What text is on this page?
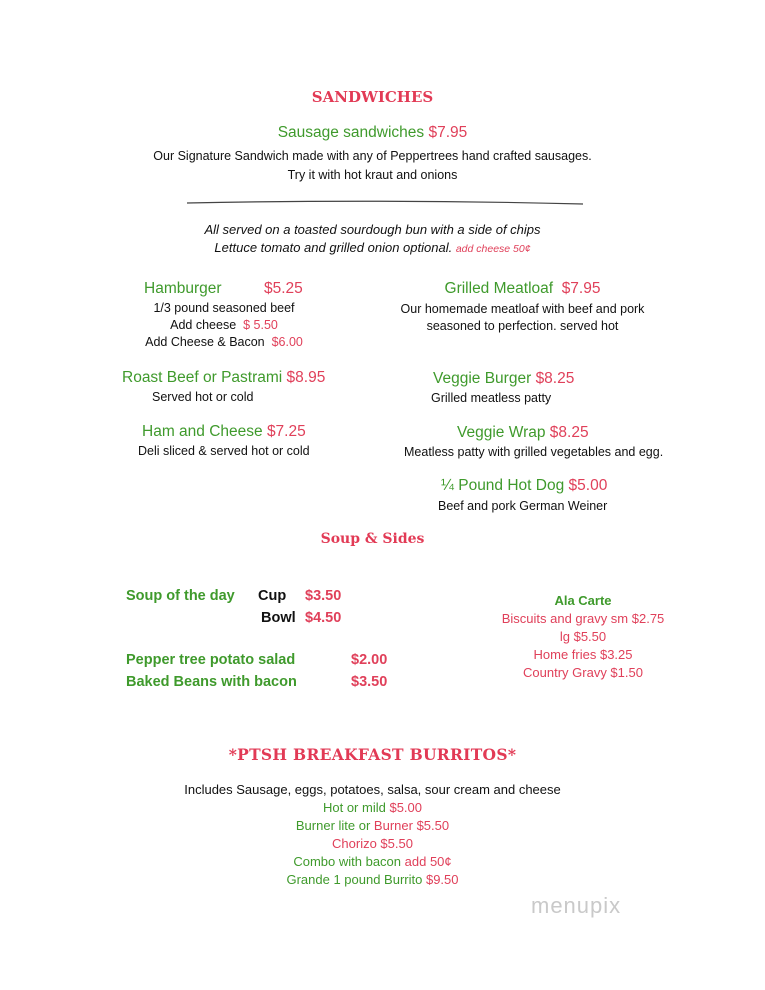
SANDWICHES
Sausage sandwiches $7.95
Our Signature Sandwich made with any of Peppertrees hand crafted sausages.
Try it with hot kraut and onions
All served on a toasted sourdough bun with a side of chips
Lettuce tomato and grilled onion optional. add cheese 50¢
Hamburger	$5.25
1/3 pound seasoned beef
Add cheese $ 5.50
Add Cheese & Bacon $6.00
Roast Beef or Pastrami $8.95
Served hot or cold
Ham and Cheese $7.25
Deli sliced & served hot or cold
Grilled Meatloaf $7.95
Our homemade meatloaf with beef and pork
seasoned to perfection. served hot
Veggie Burger $8.25
Grilled meatless patty
Veggie Wrap $8.25
Meatless patty with grilled vegetables and egg.
¼ Pound Hot Dog $5.00
Beef and pork German Weiner
Soup & Sides
Soup of the day Cup $3.50
Bowl $4.50
Pepper tree potato salad	$2.00
Baked Beans with bacon	$3.50
Ala Carte
Biscuits and gravy sm $2.75
lg $5.50
Home fries $3.25
Country Gravy $1.50
*PTSH BREAKFAST BURRITOS*
Includes Sausage, eggs, potatoes, salsa, sour cream and cheese
Hot or mild $5.00
Burner lite or Burner $5.50
Chorizo $5.50
Combo with bacon add 50¢
Grande 1 pound Burrito $9.50
menupix
